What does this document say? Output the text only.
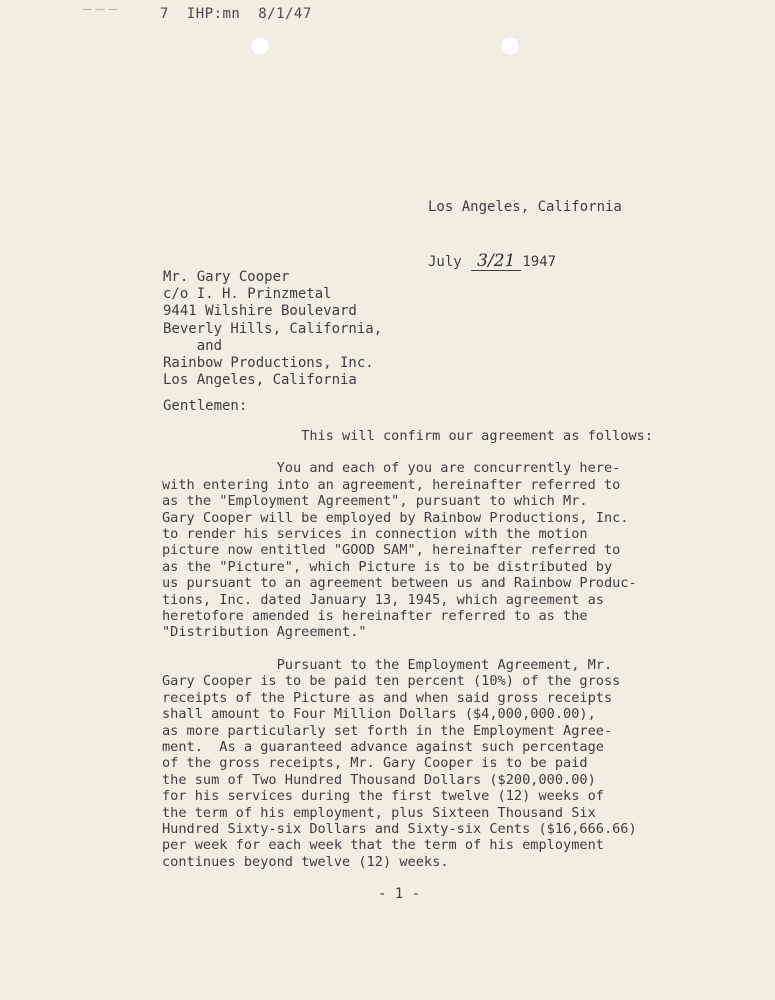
— — —	7  IHP:mn  8/1/47

Los Angeles, California

July 3/21 1947

Mr. Gary Cooper
c/o I. H. Prinzmetal
9441 Wilshire Boulevard
Beverly Hills, California,
and
Rainbow Productions, Inc.
Los Angeles, California
Gentlemen:
This will confirm our agreement as follows:
You and each of you are concurrently here-
with entering into an agreement, hereinafter referred to
as the "Employment Agreement", pursuant to which Mr.
Gary Cooper will be employed by Rainbow Productions, Inc.
to render his services in connection with the motion
picture now entitled "GOOD SAM", hereinafter referred to
as the "Picture", which Picture is to be distributed by
us pursuant to an agreement between us and Rainbow Produc-
tions, Inc. dated January 13, 1945, which agreement as
heretofore amended is hereinafter referred to as the
"Distribution Agreement."
Pursuant to the Employment Agreement, Mr.
Gary Cooper is to be paid ten percent (10%) of the gross
receipts of the Picture as and when said gross receipts
shall amount to Four Million Dollars ($4,000,000.00),
as more particularly set forth in the Employment Agree-
ment.  As a guaranteed advance against such percentage
of the gross receipts, Mr. Gary Cooper is to be paid
the sum of Two Hundred Thousand Dollars ($200,000.00)
for his services during the first twelve (12) weeks of
the term of his employment, plus Sixteen Thousand Six
Hundred Sixty-six Dollars and Sixty-six Cents ($16,666.66)
per week for each week that the term of his employment
continues beyond twelve (12) weeks.
- 1 -
